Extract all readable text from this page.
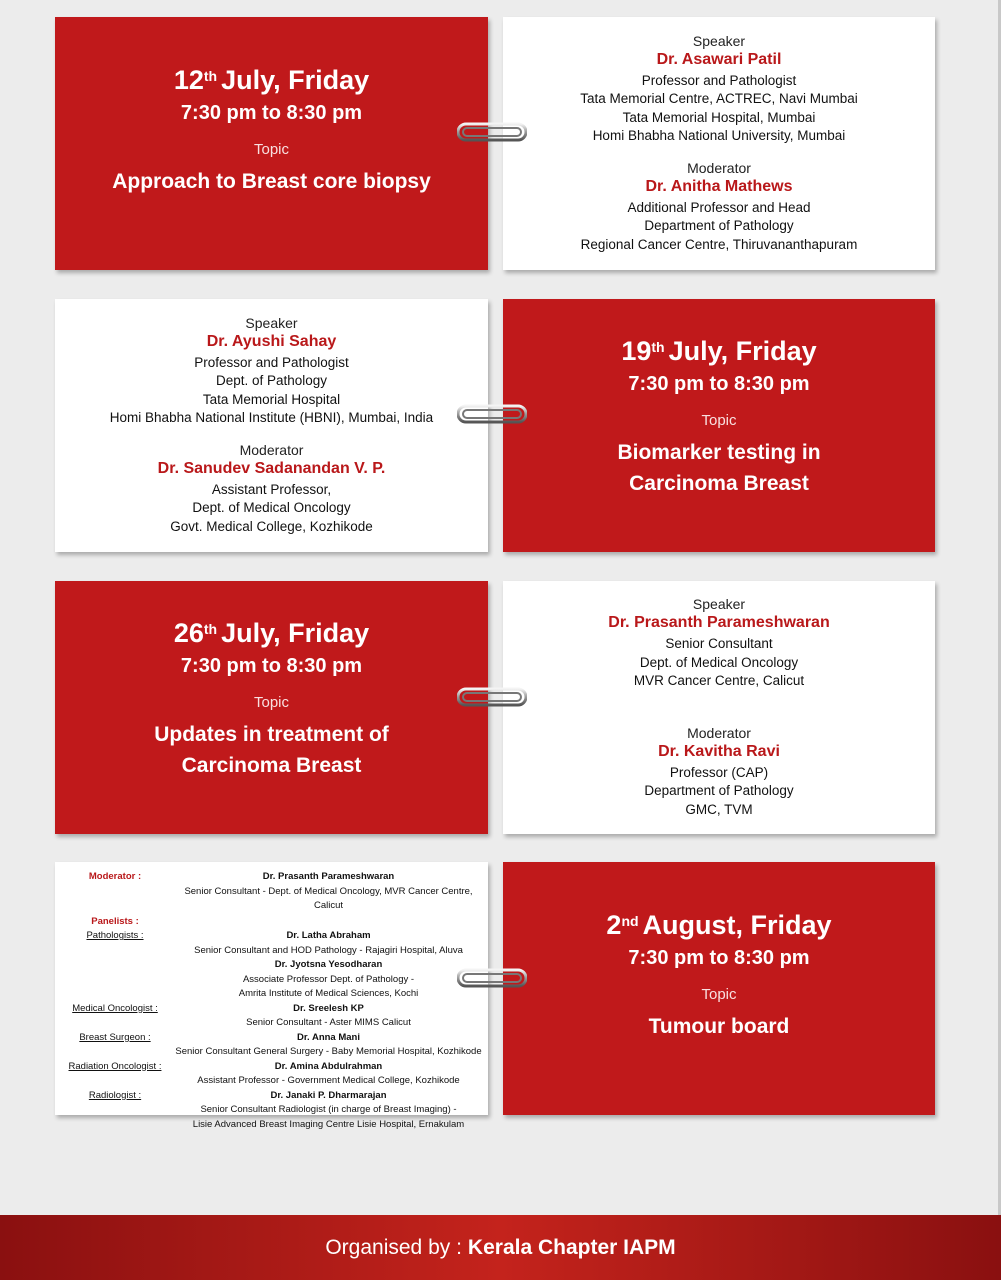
12th July, Friday
7:30 pm to 8:30 pm
Topic
Approach to Breast core biopsy
Speaker
Dr. Asawari Patil
Professor and Pathologist
Tata Memorial Centre, ACTREC, Navi Mumbai
Tata Memorial Hospital, Mumbai
Homi Bhabha National University, Mumbai
Moderator
Dr. Anitha Mathews
Additional Professor and Head
Department of Pathology
Regional Cancer Centre, Thiruvananthapuram
Speaker
Dr. Ayushi Sahay
Professor and Pathologist
Dept. of Pathology
Tata Memorial Hospital
Homi Bhabha National Institute (HBNI), Mumbai, India
Moderator
Dr. Sanudev Sadanandan V. P.
Assistant Professor,
Dept. of Medical Oncology
Govt. Medical College, Kozhikode
19th July, Friday
7:30 pm to 8:30 pm
Topic
Biomarker testing in
Carcinoma Breast
26th July, Friday
7:30 pm to 8:30 pm
Topic
Updates in treatment of
Carcinoma Breast
Speaker
Dr. Prasanth Parameshwaran
Senior Consultant
Dept. of Medical Oncology
MVR Cancer Centre, Calicut
Moderator
Dr. Kavitha Ravi
Professor (CAP)
Department of Pathology
GMC, TVM
Moderator :	Dr. Prasanth Parameshwaran
Senior Consultant - Dept. of Medical Oncology, MVR Cancer Centre, Calicut
Panelists :
Pathologists :	Dr. Latha Abraham
Senior Consultant and HOD Pathology - Rajagiri Hospital, Aluva
Dr. Jyotsna Yesodharan
Associate Professor Dept. of Pathology -
Amrita Institute of Medical Sciences, Kochi
Medical Oncologist :	Dr. Sreelesh KP
Senior Consultant - Aster MIMS Calicut
Breast Surgeon :	Dr. Anna Mani
Senior Consultant General Surgery - Baby Memorial Hospital, Kozhikode
Radiation Oncologist :	Dr. Amina Abdulrahman
Assistant Professor - Government Medical College, Kozhikode
Radiologist :	Dr. Janaki P. Dharmarajan
Senior Consultant Radiologist (in charge of Breast Imaging) -
Lisie Advanced Breast Imaging Centre Lisie Hospital, Ernakulam
2nd August, Friday
7:30 pm to 8:30 pm
Topic
Tumour board
Organised by : Kerala Chapter IAPM
